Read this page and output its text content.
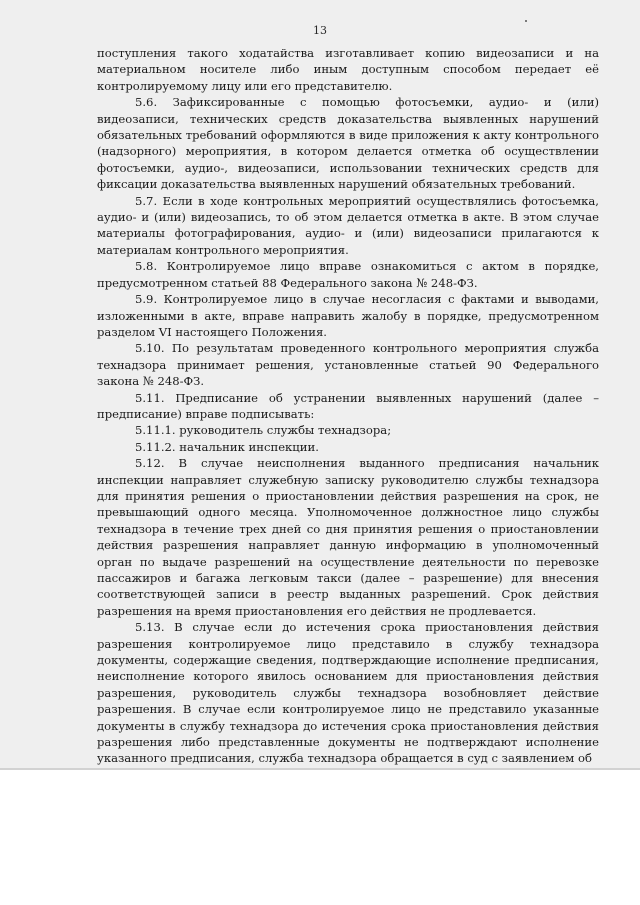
13

поступления такого ходатайства изготавливает копию видеозаписи и на материальном носителе либо иным доступным способом передает её контролируемому лицу или его представителю.

5.6. Зафиксированные с помощью фотосъемки, аудио- и (или) видеозаписи, технических средств доказательства выявленных нарушений обязательных требований оформляются в виде приложения к акту контрольного (надзорного) мероприятия, в котором делается отметка об осуществлении фотосъемки, аудио-, видеозаписи, использовании технических средств для фиксации доказательства выявленных нарушений обязательных требований.

5.7. Если в ходе контрольных мероприятий осуществлялись фотосъемка, аудио- и (или) видеозапись, то об этом делается отметка в акте. В этом случае материалы фотографирования, аудио- и (или) видеозаписи прилагаются к материалам контрольного мероприятия.

5.8. Контролируемое лицо вправе ознакомиться с актом в порядке, предусмотренном статьей 88 Федерального закона № 248-ФЗ.

5.9. Контролируемое лицо в случае несогласия с фактами и выводами, изложенными в акте, вправе направить жалобу в порядке, предусмотренном разделом VI настоящего Положения.

5.10. По результатам проведенного контрольного мероприятия служба технадзора принимает решения, установленные статьей 90 Федерального закона № 248-ФЗ.

5.11. Предписание об устранении выявленных нарушений (далее – предписание) вправе подписывать:

5.11.1. руководитель службы технадзора;

5.11.2. начальник инспекции.

5.12. В случае неисполнения выданного предписания начальник инспекции направляет служебную записку руководителю службы технадзора для принятия решения о приостановлении действия разрешения на срок, не превышающий одного месяца. Уполномоченное должностное лицо службы технадзора в течение трех дней со дня принятия решения о приостановлении действия разрешения направляет данную информацию в уполномоченный орган по выдаче разрешений на осуществление деятельности по перевозке пассажиров и багажа легковым такси (далее – разрешение) для внесения соответствующей записи в реестр выданных разрешений. Срок действия разрешения на время приостановления его действия не продлевается.

5.13. В случае если до истечения срока приостановления действия разрешения контролируемое лицо представило в службу технадзора документы, содержащие сведения, подтверждающие исполнение предписания, неисполнение которого явилось основанием для приостановления действия разрешения, руководитель службы технадзора возобновляет действие разрешения. В случае если контролируемое лицо не представило указанные документы в службу технадзора до истечения срока приостановления действия разрешения либо представленные документы не подтверждают исполнение указанного предписания, служба технадзора обращается в суд с заявлением об
